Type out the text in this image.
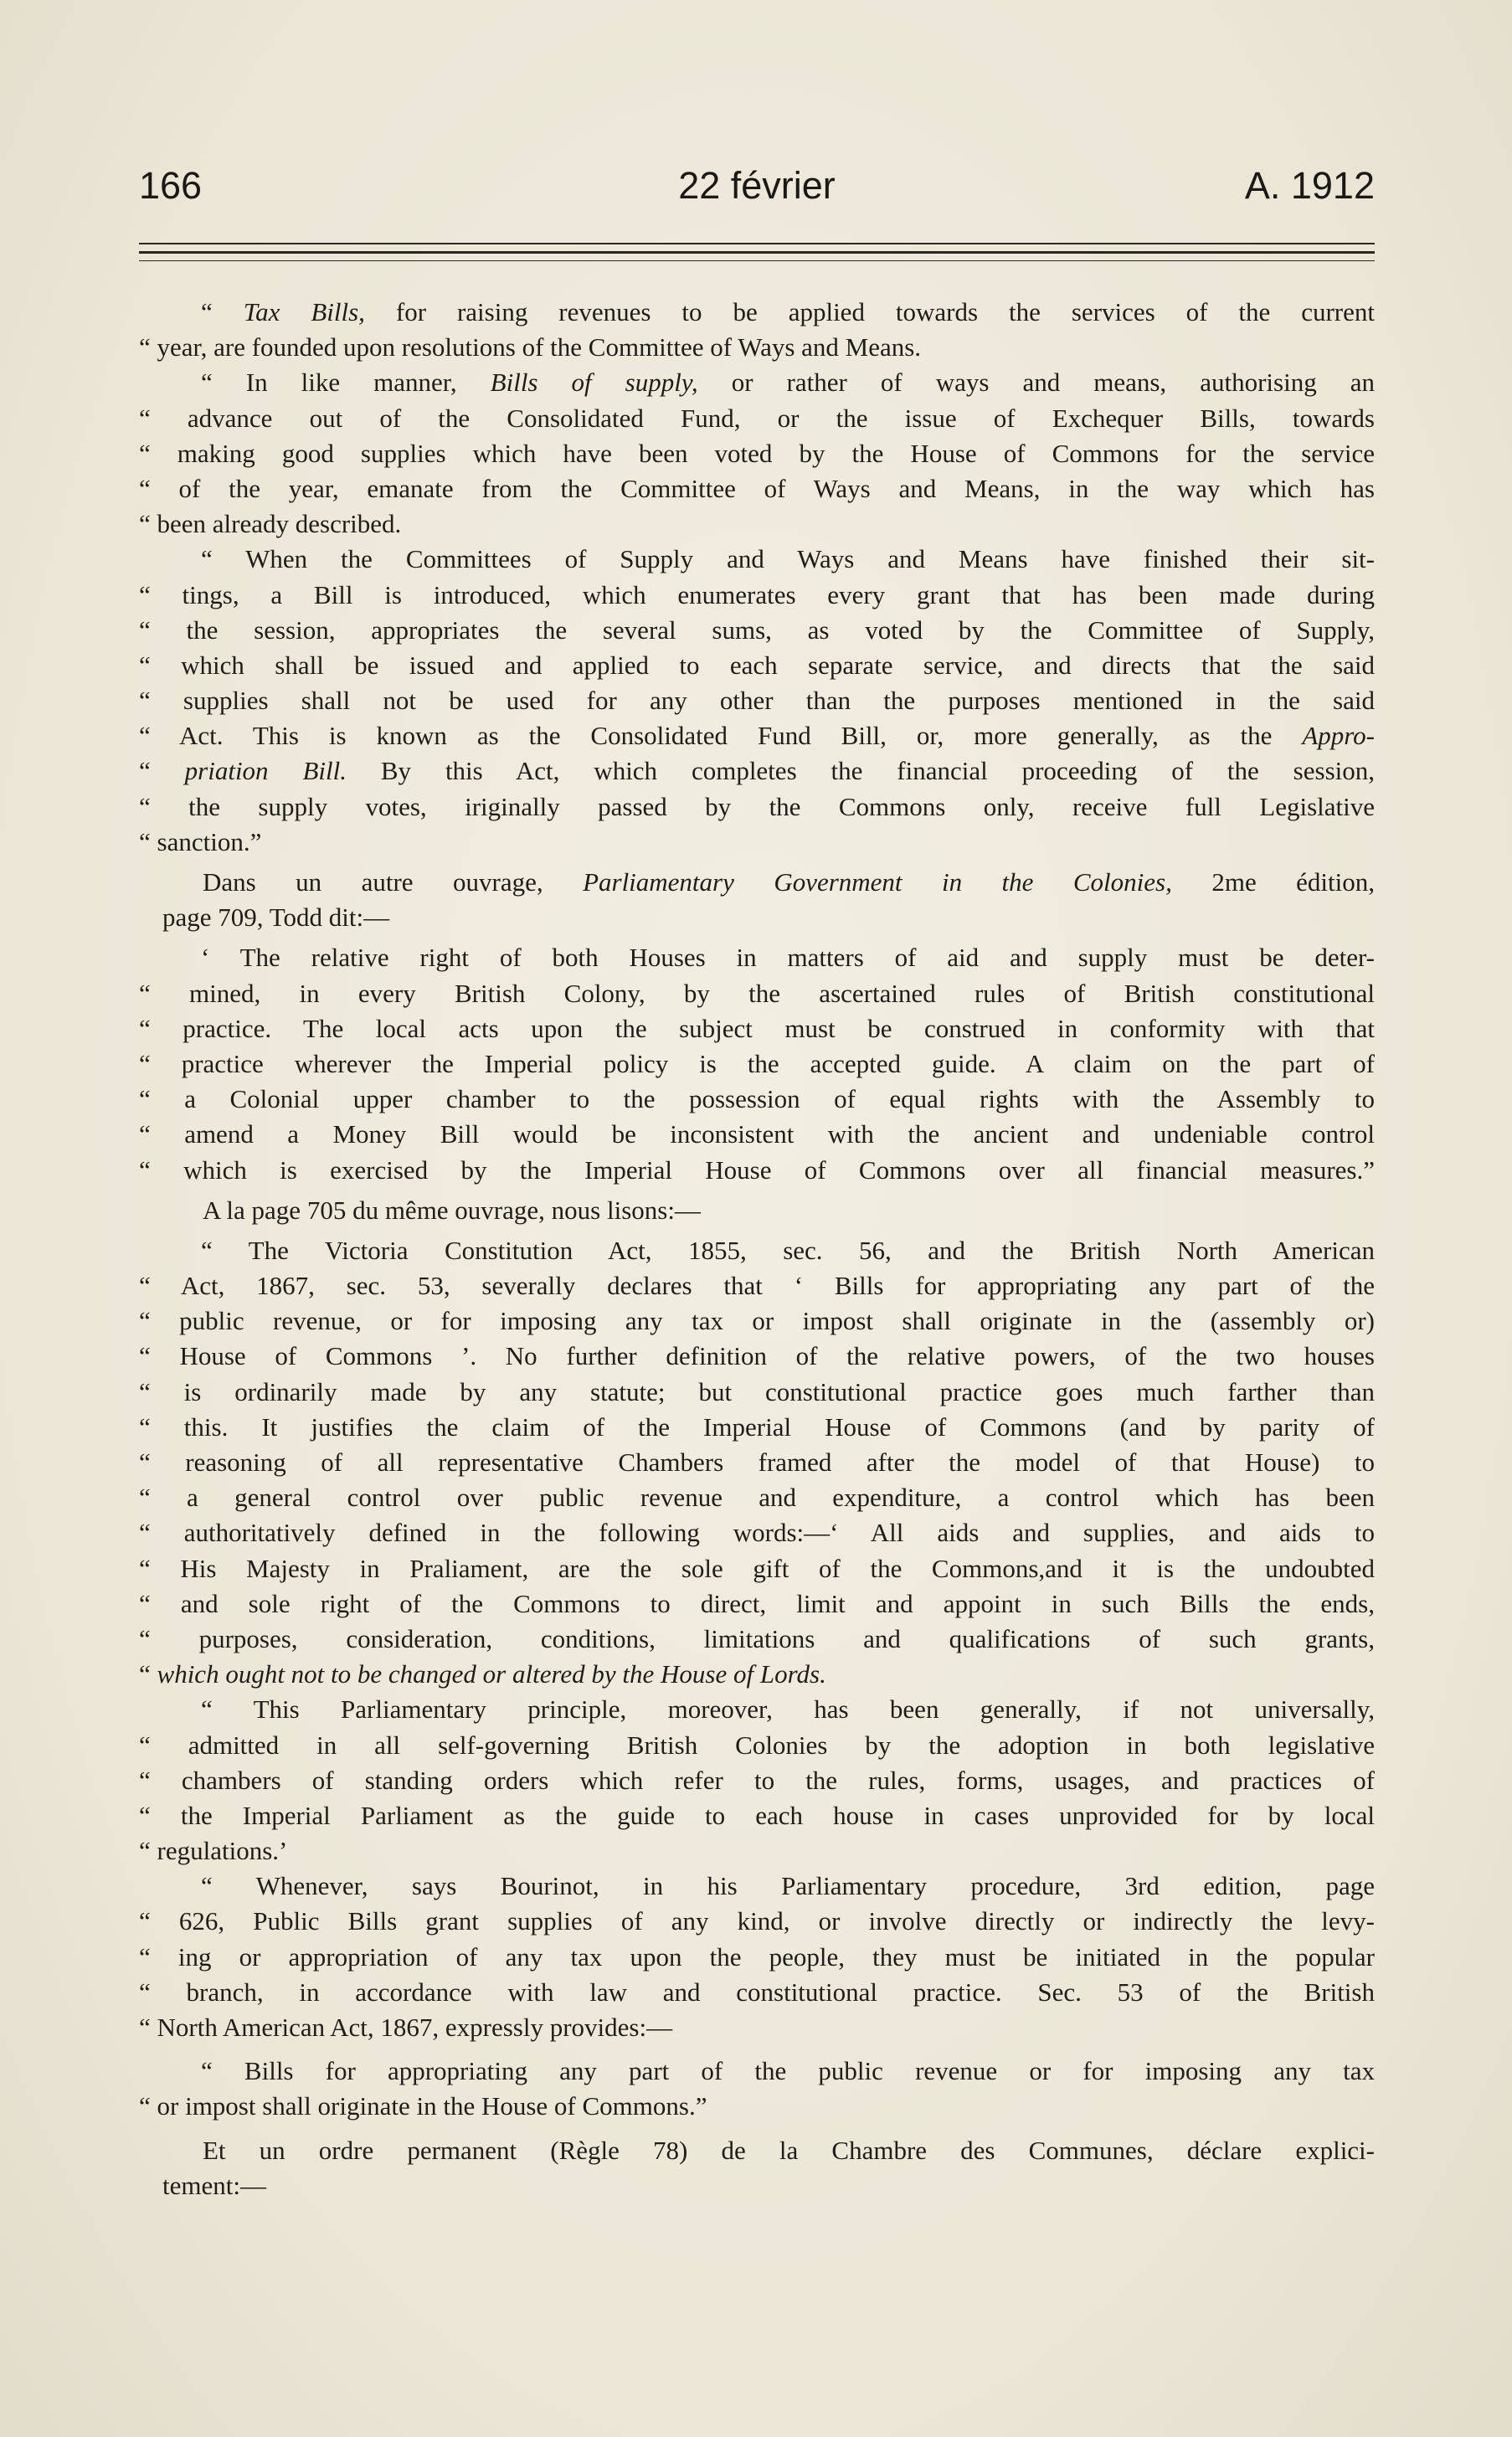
166	22 février	A. 1912
“ Tax Bills, for raising revenues to be applied towards the services of the current
“ year, are founded upon resolutions of the Committee of Ways and Means.
“ In like manner, Bills of supply, or rather of ways and means, authorising an
“ advance out of the Consolidated Fund, or the issue of Exchequer Bills, towards
“ making good supplies which have been voted by the House of Commons for the service
“ of the year, emanate from the Committee of Ways and Means, in the way which has
“ been already described.
“ When the Committees of Supply and Ways and Means have finished their sit-
“ tings, a Bill is introduced, which enumerates every grant that has been made during
“ the session, appropriates the several sums, as voted by the Committee of Supply,
“ which shall be issued and applied to each separate service, and directs that the said
“ supplies shall not be used for any other than the purposes mentioned in the said
“ Act. This is known as the Consolidated Fund Bill, or, more generally, as the Appro-
“ priation Bill. By this Act, which completes the financial proceeding of the session,
“ the supply votes, iriginally passed by the Commons only, receive full Legislative
“ sanction.”
Dans un autre ouvrage, Parliamentary Government in the Colonies, 2me édition,
page 709, Todd dit:—
‘ The relative right of both Houses in matters of aid and supply must be deter-
“ mined, in every British Colony, by the ascertained rules of British constitutional
“ practice. The local acts upon the subject must be construed in conformity with that
“ practice wherever the Imperial policy is the accepted guide. A claim on the part of
“ a Colonial upper chamber to the possession of equal rights with the Assembly to
“ amend a Money Bill would be inconsistent with the ancient and undeniable control
“ which is exercised by the Imperial House of Commons over all financial measures.”
A la page 705 du même ouvrage, nous lisons:—
“ The Victoria Constitution Act, 1855, sec. 56, and the British North American
“ Act, 1867, sec. 53, severally declares that ‘ Bills for appropriating any part of the
“ public revenue, or for imposing any tax or impost shall originate in the (assembly or)
“ House of Commons ’. No further definition of the relative powers, of the two houses
“ is ordinarily made by any statute; but constitutional practice goes much farther than
“ this. It justifies the claim of the Imperial House of Commons (and by parity of
“ reasoning of all representative Chambers framed after the model of that House) to
“ a general control over public revenue and expenditure, a control which has been
“ authoritatively defined in the following words:—‘ All aids and supplies, and aids to
“ His Majesty in Praliament, are the sole gift of the Commons,and it is the undoubted
“ and sole right of the Commons to direct, limit and appoint in such Bills the ends,
“ purposes, consideration, conditions, limitations and qualifications of such grants,
“ which ought not to be changed or altered by the House of Lords.
“ This Parliamentary principle, moreover, has been generally, if not universally,
“ admitted in all self-governing British Colonies by the adoption in both legislative
“ chambers of standing orders which refer to the rules, forms, usages, and practices of
“ the Imperial Parliament as the guide to each house in cases unprovided for by local
“ regulations.’
“ Whenever, says Bourinot, in his Parliamentary procedure, 3rd edition, page
“ 626, Public Bills grant supplies of any kind, or involve directly or indirectly the levy-
“ ing or appropriation of any tax upon the people, they must be initiated in the popular
“ branch, in accordance with law and constitutional practice. Sec. 53 of the British
“ North American Act, 1867, expressly provides:—
“ Bills for appropriating any part of the public revenue or for imposing any tax
“ or impost shall originate in the House of Commons.”
Et un ordre permanent (Règle 78) de la Chambre des Communes, déclare explici-
tement:—
